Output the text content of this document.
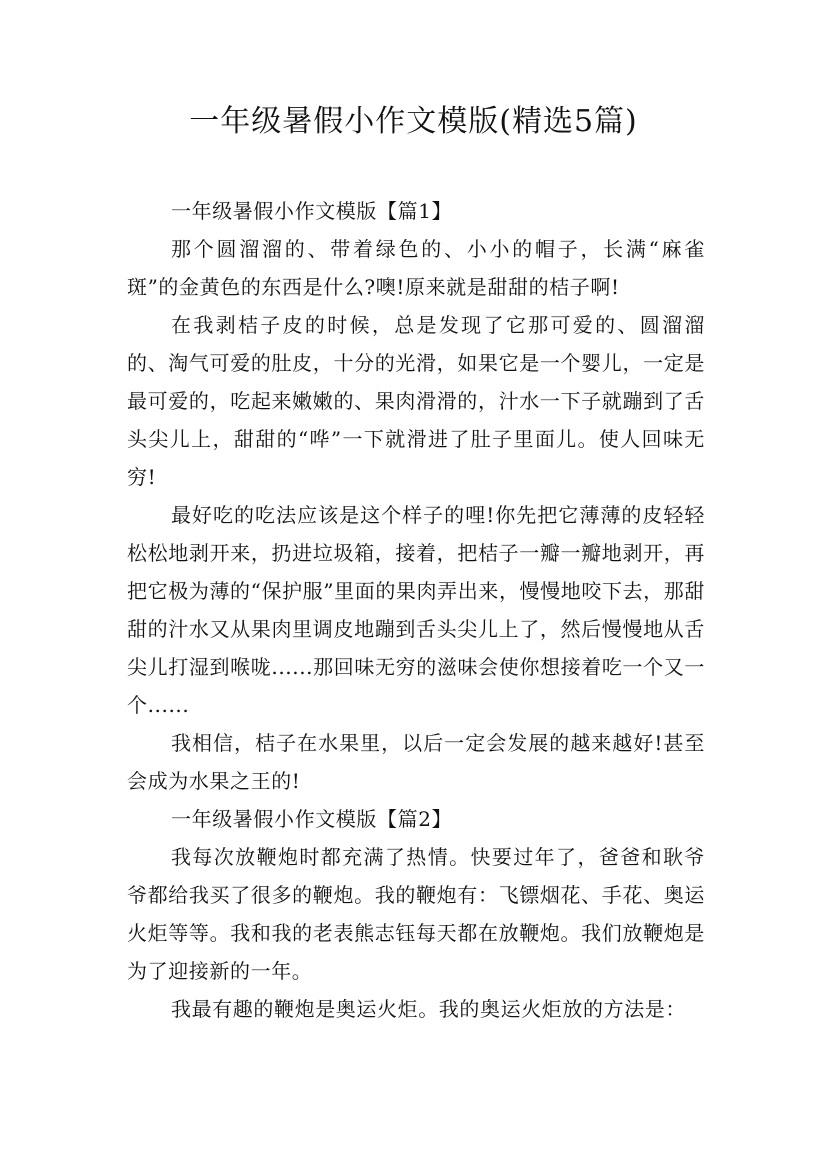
一年级暑假小作文模版(精选5篇)

一年级暑假小作文模版【篇1】

那个圆溜溜的、带着绿色的、小小的帽子，长满“麻雀斑”的金黄色的东西是什么?噢!原来就是甜甜的桔子啊!

在我剥桔子皮的时候，总是发现了它那可爱的、圆溜溜的、淘气可爱的肚皮，十分的光滑，如果它是一个婴儿，一定是最可爱的，吃起来嫩嫩的、果肉滑滑的，汁水一下子就蹦到了舌头尖儿上，甜甜的“哗”一下就滑进了肚子里面儿。使人回味无穷!

最好吃的吃法应该是这个样子的哩!你先把它薄薄的皮轻轻松松地剥开来，扔进垃圾箱，接着，把桔子一瓣一瓣地剥开，再把它极为薄的“保护服”里面的果肉弄出来，慢慢地咬下去，那甜甜的汁水又从果肉里调皮地蹦到舌头尖儿上了，然后慢慢地从舌尖儿打湿到喉咙......那回味无穷的滋味会使你想接着吃一个又一个......

我相信，桔子在水果里，以后一定会发展的越来越好!甚至会成为水果之王的!

一年级暑假小作文模版【篇2】

我每次放鞭炮时都充满了热情。快要过年了，爸爸和耿爷爷都给我买了很多的鞭炮。我的鞭炮有：飞镖烟花、手花、奥运火炬等等。我和我的老表熊志钰每天都在放鞭炮。我们放鞭炮是为了迎接新的一年。

我最有趣的鞭炮是奥运火炬。我的奥运火炬放的方法是：
